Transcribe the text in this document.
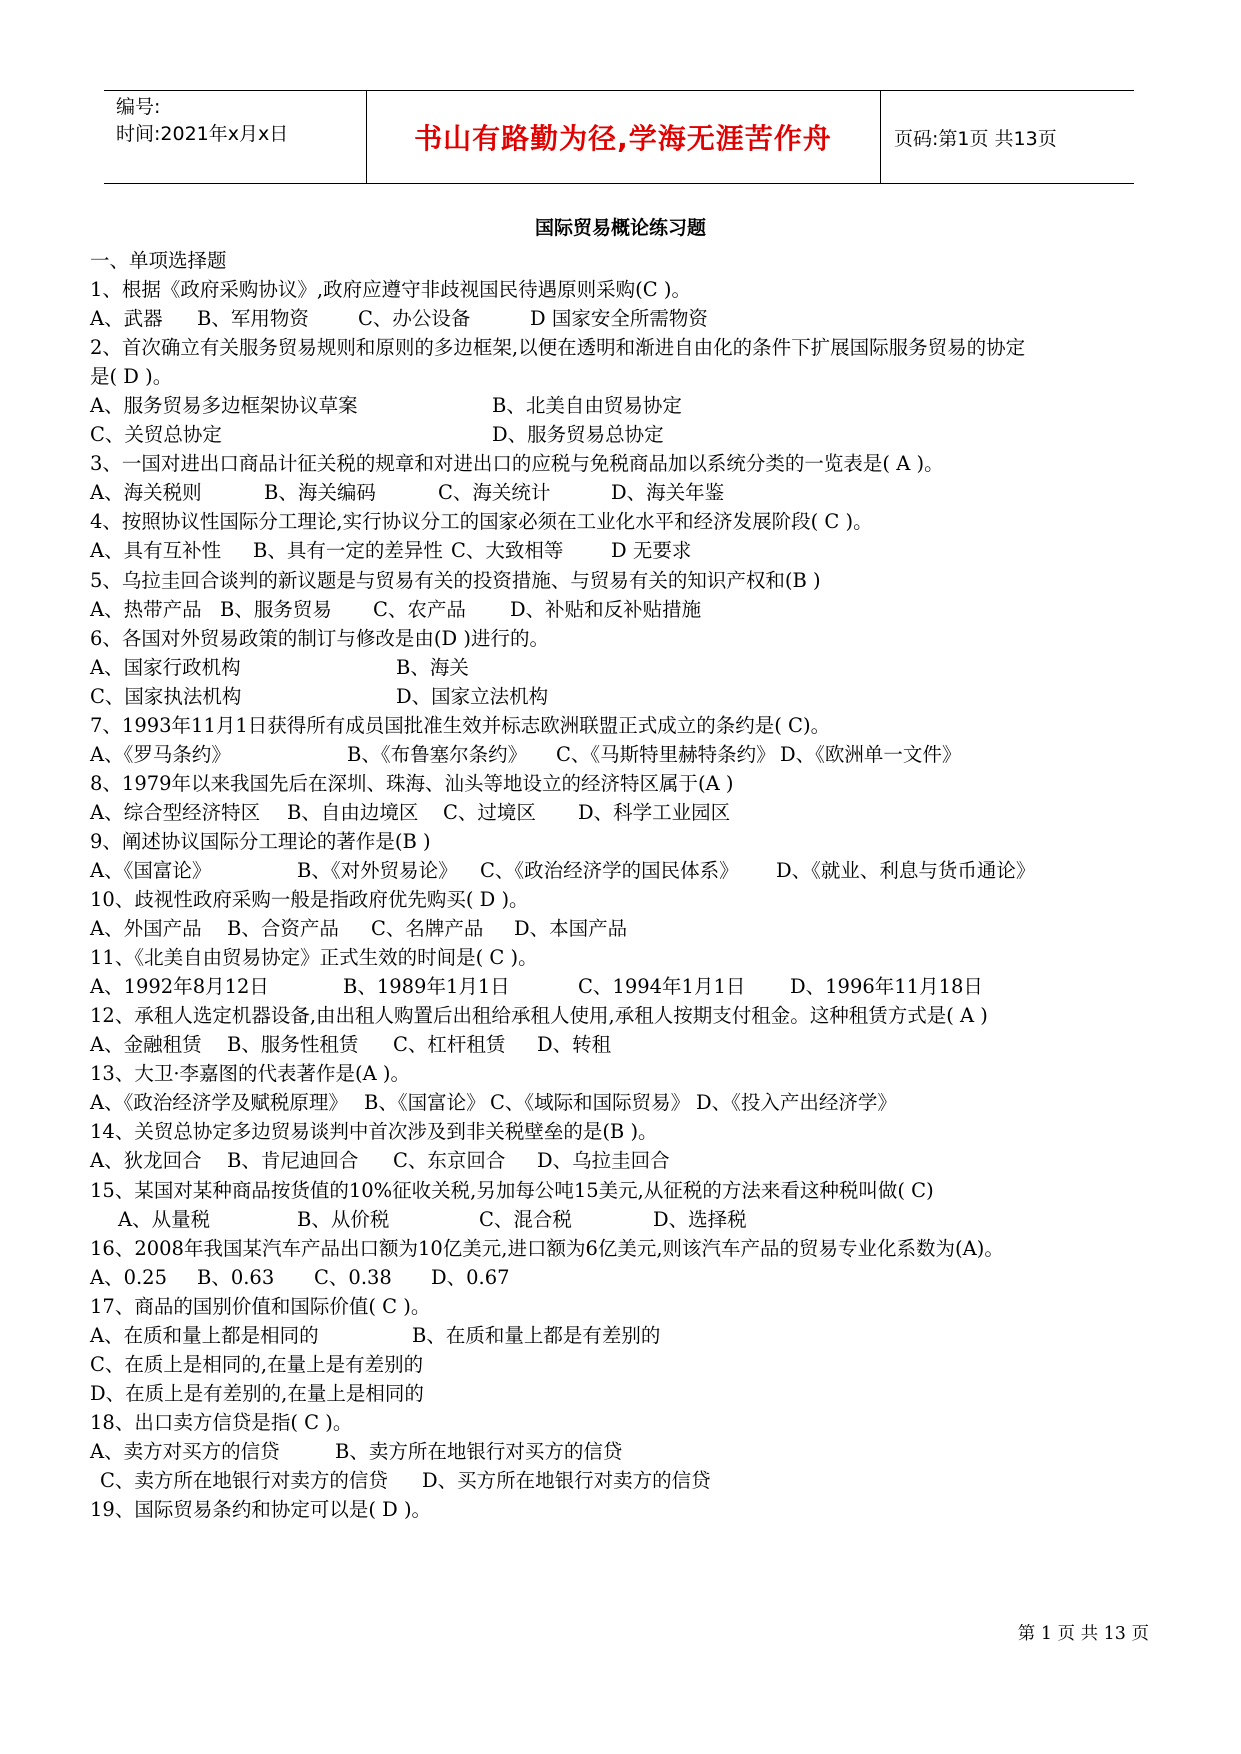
编号:
时间:2021年x月x日	书山有路勤为径,学海无涯苦作舟	页码:第1页 共13页
国际贸易概论练习题
一、单项选择题
1、根据《政府采购协议》,政府应遵守非歧视国民待遇原则采购(C )。
A、武器 B、军用物资	C、办公设备	D 国家安全所需物资
2、首次确立有关服务贸易规则和原则的多边框架,以便在透明和渐进自由化的条件下扩展国际服务贸易的协定
是( D )。
A、服务贸易多边框架协议草案	B、北美自由贸易协定
C、关贸总协定	D、服务贸易总协定
3、一国对进出口商品计征关税的规章和对进出口的应税与免税商品加以系统分类的一览表是( A )。
A、海关税则	B、海关编码	C、海关统计	D、海关年鉴
4、按照协议性国际分工理论,实行协议分工的国家必须在工业化水平和经济发展阶段( C )。
A、具有互补性 B、具有一定的差异性 C、大致相等 D 无要求
5、乌拉圭回合谈判的新议题是与贸易有关的投资措施、与贸易有关的知识产权和(B )
A、热带产品 B、服务贸易 C、农产品 D、补贴和反补贴措施
6、各国对外贸易政策的制订与修改是由(D )进行的。
A、国家行政机构	B、海关
C、国家执法机构	D、国家立法机构
7、1993年11月1日获得所有成员国批准生效并标志欧洲联盟正式成立的条约是( C)。
A、《罗马条约》	B、《布鲁塞尔条约》 C、《马斯特里赫特条约》 D、《欧洲单一文件》
8、1979年以来我国先后在深圳、珠海、汕头等地设立的经济特区属于(A )
A、综合型经济特区 B、自由边境区 C、过境区 D、科学工业园区
9、阐述协议国际分工理论的著作是(B )
A、《国富论》	B、《对外贸易论》 C、《政治经济学的国民体系》 D、《就业、利息与货币通论》
10、歧视性政府采购一般是指政府优先购买( D )。
A、外国产品 B、合资产品 C、名牌产品 D、本国产品
11、《北美自由贸易协定》正式生效的时间是( C )。
A、1992年8月12日	B、1989年1月1日	C、1994年1月1日 D、1996年11月18日
12、承租人选定机器设备,由出租人购置后出租给承租人使用,承租人按期支付租金。这种租赁方式是( A )
A、金融租赁 B、服务性租赁 C、杠杆租赁 D、转租
13、大卫·李嘉图的代表著作是(A )。
A、《政治经济学及赋税原理》 B、《国富论》 C、《域际和国际贸易》 D、《投入产出经济学》
14、关贸总协定多边贸易谈判中首次涉及到非关税壁垒的是(B )。
A、狄龙回合 B、肯尼迪回合 C、东京回合 D、乌拉圭回合
15、某国对某种商品按货值的10%征收关税,另加每公吨15美元,从征税的方法来看这种税叫做( C)
A、从量税	B、从价税	C、混合税	D、选择税
16、2008年我国某汽车产品出口额为10亿美元,进口额为6亿美元,则该汽车产品的贸易专业化系数为(A)。
A、0.25 B、0.63 C、0.38 D、0.67
17、商品的国别价值和国际价值( C )。
A、在质和量上都是相同的	B、在质和量上都是有差别的
C、在质上是相同的,在量上是有差别的
D、在质上是有差别的,在量上是相同的
18、出口卖方信贷是指( C )。
A、卖方对买方的信贷	B、卖方所在地银行对买方的信贷
C、卖方所在地银行对卖方的信贷 D、买方所在地银行对卖方的信贷
19、国际贸易条约和协定可以是( D )。
第 1 页 共 13 页
